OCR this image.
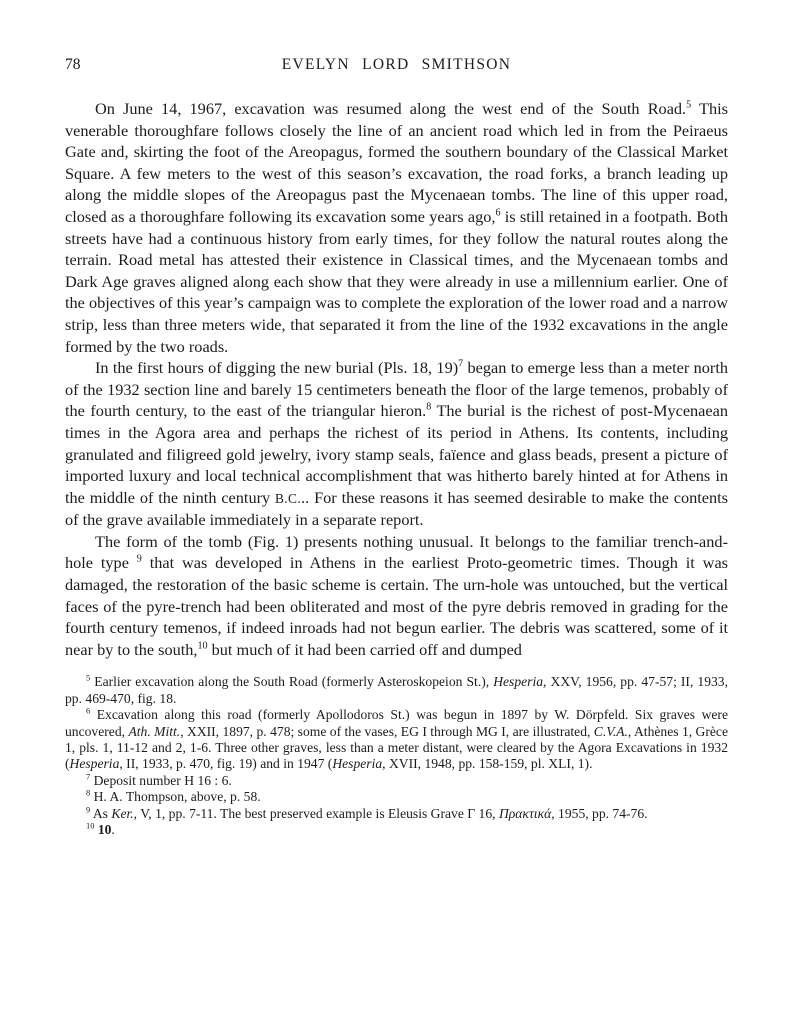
78	EVELYN LORD SMITHSON

On June 14, 1967, excavation was resumed along the west end of the South Road.$^5$ This venerable thoroughfare follows closely the line of an ancient road which led in from the Peiraeus Gate and, skirting the foot of the Areopagus, formed the southern boundary of the Classical Market Square. A few meters to the west of this season’s excavation, the road forks, a branch leading up along the middle slopes of the Areopagus past the Mycenaean tombs. The line of this upper road, closed as a thoroughfare following its excavation some years ago,$^6$ is still retained in a footpath. Both streets have had a continuous history from early times, for they follow the natural routes along the terrain. Road metal has attested their existence in Classical times, and the Mycenaean tombs and Dark Age graves aligned along each show that they were already in use a millennium earlier. One of the objectives of this year’s campaign was to complete the exploration of the lower road and a narrow strip, less than three meters wide, that separated it from the line of the 1932 excavations in the angle formed by the two roads.

In the first hours of digging the new burial (Pls. 18, 19)$^7$ began to emerge less than a meter north of the 1932 section line and barely 15 centimeters beneath the floor of the large temenos, probably of the fourth century, to the east of the triangular hieron.$^8$ The burial is the richest of post-Mycenaean times in the Agora area and perhaps the richest of its period in Athens. Its contents, including granulated and filigreed gold jewelry, ivory stamp seals, faïence and glass beads, present a picture of imported luxury and local technical accomplishment that was hitherto barely hinted at for Athens in the middle of the ninth century B.C... For these reasons it has seemed desirable to make the contents of the grave available immediately in a separate report.

The form of the tomb (Fig. 1) presents nothing unusual. It belongs to the familiar trench-and-hole type $^9$ that was developed in Athens in the earliest Proto-geometric times. Though it was damaged, the restoration of the basic scheme is certain. The urn-hole was untouched, but the vertical faces of the pyre-trench had been obliterated and most of the pyre debris removed in grading for the fourth century temenos, if indeed inroads had not begun earlier. The debris was scattered, some of it near by to the south,$^{10}$ but much of it had been carried off and dumped

$^5$ Earlier excavation along the South Road (formerly Asteroskopeion St.), Hesperia, XXV, 1956, pp. 47-57; II, 1933, pp. 469-470, fig. 18.

$^6$ Excavation along this road (formerly Apollodoros St.) was begun in 1897 by W. Dörpfeld. Six graves were uncovered, Ath. Mitt., XXII, 1897, p. 478; some of the vases, EG I through MG I, are illustrated, C.V.A., Athènes 1, Grèce 1, pls. 1, 11-12 and 2, 1-6. Three other graves, less than a meter distant, were cleared by the Agora Excavations in 1932 (Hesperia, II, 1933, p. 470, fig. 19) and in 1947 (Hesperia, XVII, 1948, pp. 158-159, pl. XLI, 1).

$^7$ Deposit number H 16 : 6.

$^8$ H. A. Thompson, above, p. 58.

$^9$ As Ker., V, 1, pp. 7-11. The best preserved example is Eleusis Grave Γ 16, Πρακτικά, 1955, pp. 74-76.

$^{10}$ 10.
